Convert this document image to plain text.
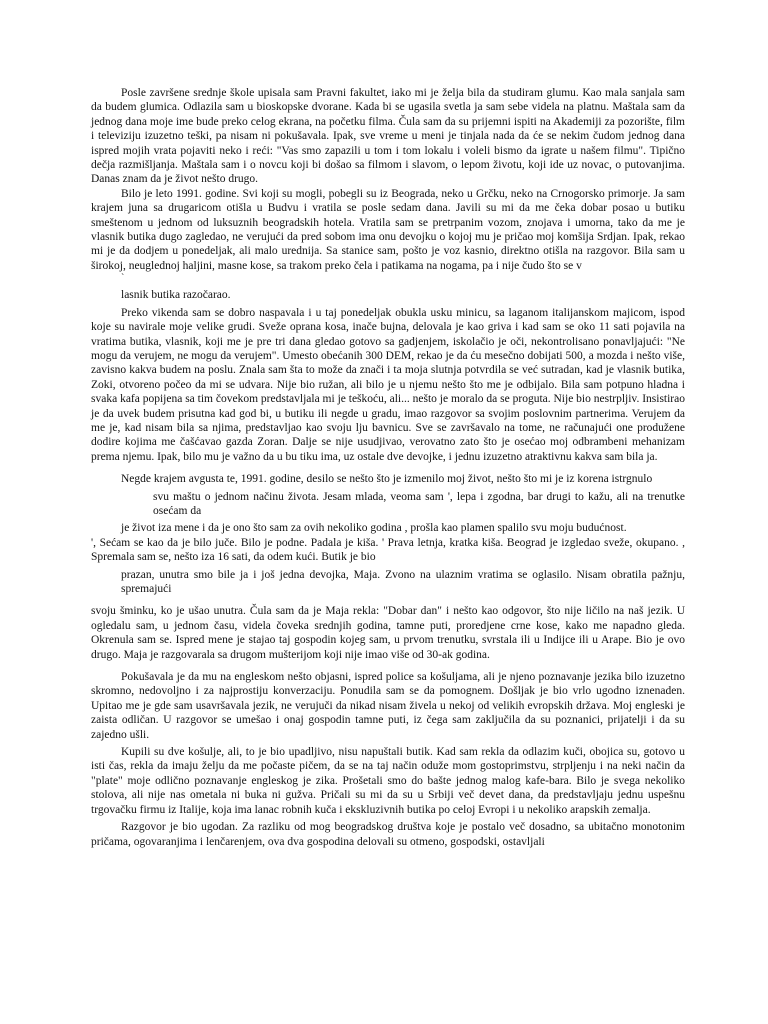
Posle završene srednje škole upisala sam Pravni fakultet, iako mi je želja bila da studiram glumu. Kao mala sanjala sam da budem glumica. Odlazila sam u bioskopske dvorane. Kada bi se ugasila svetla ja sam sebe videla na platnu. Maštala sam da jednog dana moje ime bude preko celog ekrana, na početku filma. Čula sam da su prijemni ispiti na Akademiji za pozorište, film i televiziju izuzetno teški, pa nisam ni pokušavala. Ipak, sve vreme u meni je tinjala nada da će se nekim čudom jednog dana ispred mojih vrata pojaviti neko i reći: "Vas smo zapazili u tom i tom lokalu i voleli bismo da igrate u našem filmu". Tipično dečja razmišljanja. Maštala sam i o novcu koji bi došao sa filmom i slavom, o lepom životu, koji ide uz novac, o putovanjima. Danas znam da je život nešto drugo.

Bilo je leto 1991. godine. Svi koji su mogli, pobegli su iz Beograda, neko u Grčku, neko na Crnogorsko primorje. Ja sam krajem juna sa drugaricom otišla u Budvu i vratila se posle sedam dana. Javili su mi da me čeka dobar posao u butiku smeštenom u jednom od luksuznih beogradskih hotela. Vratila sam se pretrpanim vozom, znojava i umorna, tako da me je vlasnik butika dugo zagledao, ne verujući da pred sobom ima onu devojku o kojoj mu je pričao moj komšija Srdjan. Ipak, rekao mi je da dodjem u ponedeljak, ali malo urednija. Sa stanice sam, pošto je voz kasnio, direktno otišla na razgovor. Bila sam u širokoj, neuglednoj haljini, masne kose, sa trakom preko čela i patikama na nogama, pa i nije čudo što se v

`

lasnik butika razočarao.

Preko vikenda sam se dobro naspavala i u taj ponedeljak obukla usku minicu, sa laganom italijanskom majicom, ispod koje su navirale moje velike grudi. Sveže oprana kosa, inače bujna, delovala je kao griva i kad sam se oko 11 sati pojavila na vratima butika, vlasnik, koji me je pre tri dana gledao gotovo sa gadjenjem, iskolačio je oči, nekontrolisano ponavljajući: "Ne mogu da verujem, ne mogu da verujem". Umesto obećanih 300 DEM, rekao je da ću mesečno dobijati 500, a mozda i nešto više, zavisno kakva budem na poslu. Znala sam šta to može da znači i ta moja slutnja potvrdila se već sutradan, kad je vlasnik butika, Zoki, otvoreno počeo da mi se udvara. Nije bio ružan, ali bilo je u njemu nešto što me je odbijalo. Bila sam potpuno hladna i svaka kafa popijena sa tim čovekom predstavljala mi je teškoću, ali... nešto je moralo da se proguta. Nije bio nestrpljiv. Insistirao je da uvek budem prisutna kad god bi, u butiku ili negde u gradu, imao razgovor sa svojim poslovnim partnerima. Verujem da me je, kad nisam bila sa njima, predstavljao kao svoju lju bavnicu. Sve se završavalo na tome, ne računajući one produžene dodire kojima me čašćavao gazda Zoran. Dalje se nije usudjivao, verovatno zato što je osećao moj odbrambeni mehanizam prema njemu. Ipak, bilo mu je važno da u bu tiku ima, uz ostale dve devojke, i jednu izuzetno atraktivnu kakva sam bila ja.

Negde krajem avgusta te, 1991. godine, desilo se nešto što je izmenilo moj život, nešto što mi je iz korena istrgnulo

svu maštu o jednom načinu života. Jesam mlada, veoma sam ', lepa i zgodna, bar drugi to kažu, ali na trenutke osećam da

je život iza mene i da je ono što sam za ovih nekoliko godina , prošla kao plamen spalilo svu moju budućnost.

', Sećam se kao da je bilo juče. Bilo je podne. Padala je kiša. ' Prava letnja, kratka kiša. Beograd je izgledao sveže, okupano. , Spremala sam se, nešto iza 16 sati, da odem kući. Butik je bio

prazan, unutra smo bile ja i još jedna devojka, Maja. Zvono na ulaznim vratima se oglasilo. Nisam obratila pažnju, spremajući

svoju šminku, ko je ušao unutra. Čula sam da je Maja rekla: "Dobar dan" i nešto kao odgovor, što nije ličilo na naš jezik. U ogledalu sam, u jednom času, videla čoveka srednjih godina, tamne puti, proredjene crne kose, kako me napadno gleda. Okrenula sam se. Ispred mene je stajao taj gospodin kojeg sam, u prvom trenutku, svrstala ili u Indijce ili u Arape. Bio je ovo drugo. Maja je razgovarala sa drugom mušterijom koji nije imao više od 30-ak godina.

Pokušavala je da mu na engleskom nešto objasni, ispred police sa košuljama, ali je njeno poznavanje jezika bilo izuzetno skromno, nedovoljno i za najprostiju konverzaciju. Ponudila sam se da pomognem. Došljak je bio vrlo ugodno iznenaden. Upitao me je gde sam usavršavala jezik, ne verujuči da nikad nisam živela u nekoj od velikih evropskih država. Moj engleski je zaista odličan. U razgovor se umešao i onaj gospodin tamne puti, iz čega sam zaključila da su poznanici, prijatelji i da su zajedno ušli.

Kupili su dve košulje, ali, to je bio upadljivo, nisu napuštali butik. Kad sam rekla da odlazim kuči, obojica su, gotovo u isti čas, rekla da imaju želju da me počaste pičem, da se na taj način oduže mom gostoprimstvu, strpljenju i na neki način da "plate" moje odlično poznavanje engleskog je zika. Prošetali smo do bašte jednog malog kafe-bara. Bilo je svega nekoliko stolova, ali nije nas ometala ni buka ni gužva. Pričali su mi da su u Srbiji več devet dana, da predstavljaju jednu uspešnu trgovačku firmu iz Italije, koja ima lanac robnih kuča i ekskluzivnih butika po celoj Evropi i u nekoliko arapskih zemalja.

Razgovor je bio ugodan. Za razliku od mog beogradskog društva koje je postalo več dosadno, sa ubitačno monotonim pričama, ogovaranjima i lenčarenjem, ova dva gospodina delovali su otmeno, gospodski, ostavljali
